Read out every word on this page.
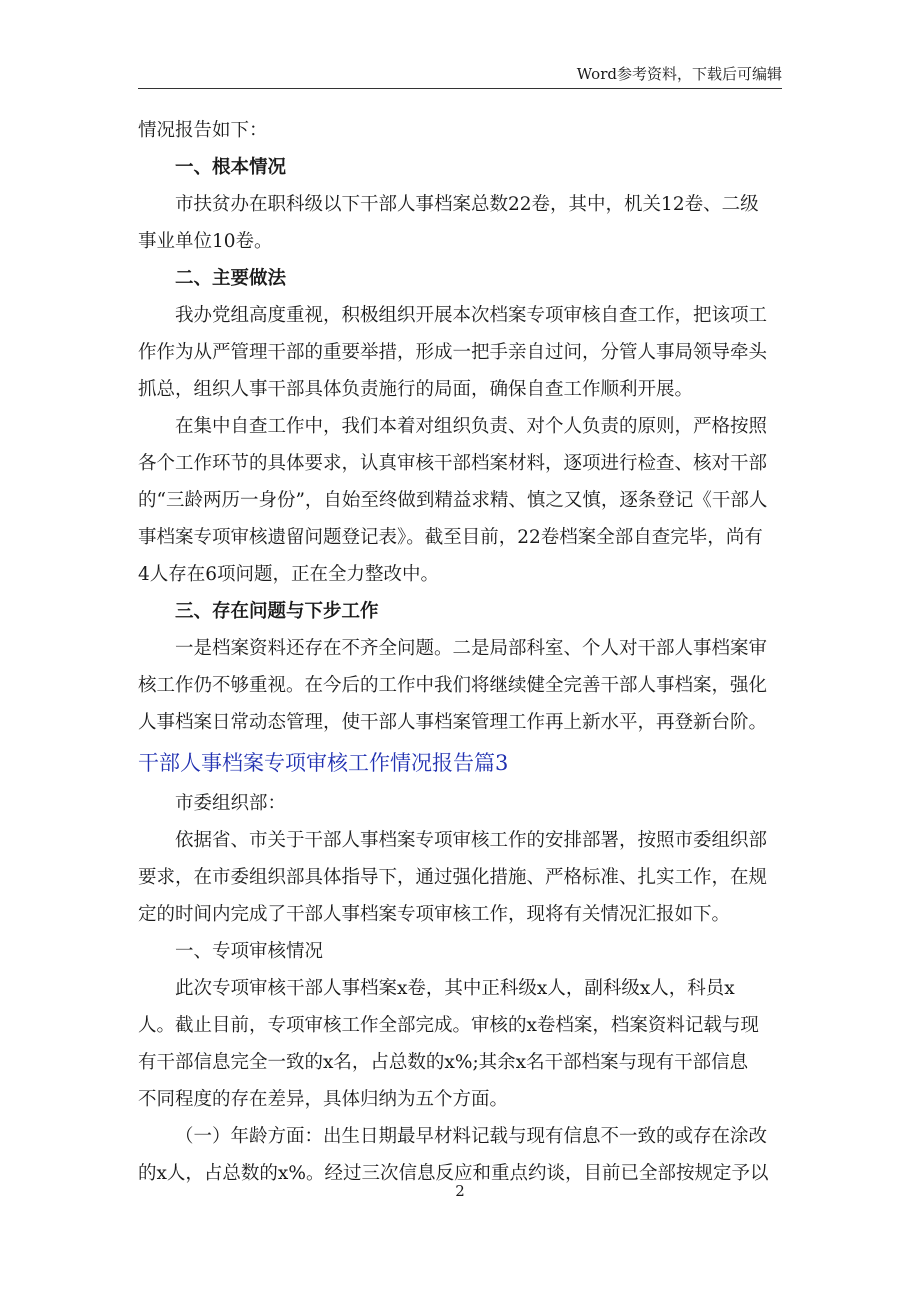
Word参考资料，下载后可编辑
情况报告如下：
一、根本情况
市扶贫办在职科级以下干部人事档案总数22卷，其中，机关12卷、二级
事业单位10卷。
二、主要做法
我办党组高度重视，积极组织开展本次档案专项审核自查工作，把该项工
作作为从严管理干部的重要举措，形成一把手亲自过问，分管人事局领导牵头
抓总，组织人事干部具体负责施行的局面，确保自查工作顺利开展。
在集中自查工作中，我们本着对组织负责、对个人负责的原则，严格按照
各个工作环节的具体要求，认真审核干部档案材料，逐项进行检查、核对干部
的“三龄两历一身份”，自始至终做到精益求精、慎之又慎，逐条登记《干部人
事档案专项审核遗留问题登记表》。截至目前，22卷档案全部自查完毕，尚有
4人存在6项问题，正在全力整改中。
三、存在问题与下步工作
一是档案资料还存在不齐全问题。二是局部科室、个人对干部人事档案审
核工作仍不够重视。在今后的工作中我们将继续健全完善干部人事档案，强化
人事档案日常动态管理，使干部人事档案管理工作再上新水平，再登新台阶。
干部人事档案专项审核工作情况报告篇3
市委组织部：
依据省、市关于干部人事档案专项审核工作的安排部署，按照市委组织部
要求，在市委组织部具体指导下，通过强化措施、严格标准、扎实工作，在规
定的时间内完成了干部人事档案专项审核工作，现将有关情况汇报如下。
一、专项审核情况
此次专项审核干部人事档案x卷，其中正科级x人，副科级x人，科员x
人。截止目前，专项审核工作全部完成。审核的x卷档案，档案资料记载与现
有干部信息完全一致的x名，占总数的x%;其余x名干部档案与现有干部信息
不同程度的存在差异，具体归纳为五个方面。
（一）年龄方面：出生日期最早材料记载与现有信息不一致的或存在涂改
的x人，占总数的x%。经过三次信息反应和重点约谈，目前已全部按规定予以
2
